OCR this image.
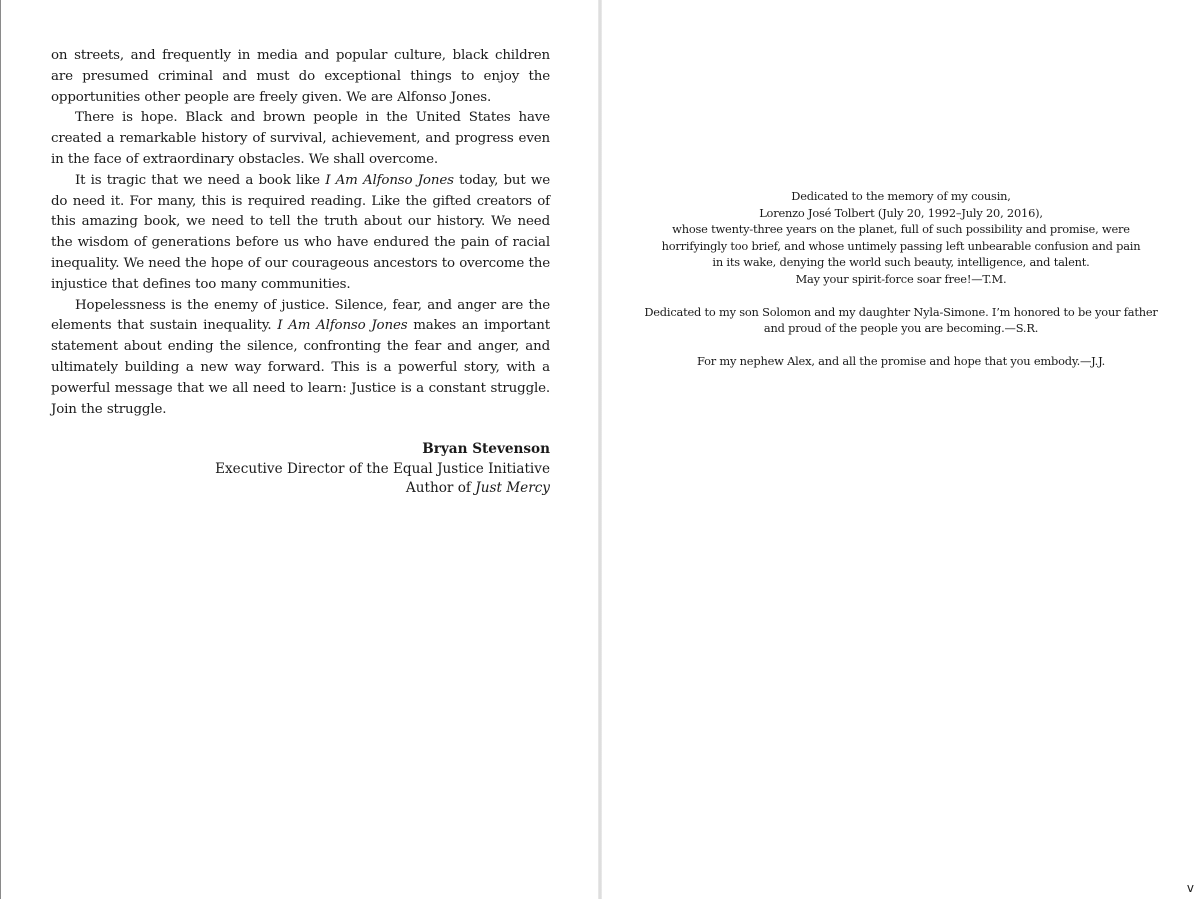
on streets, and frequently in media and popular culture, black children are presumed criminal and must do exceptional things to enjoy the opportunities other people are freely given. We are Alfonso Jones.

There is hope. Black and brown people in the United States have created a remarkable history of survival, achievement, and progress even in the face of extraordinary obstacles. We shall overcome.

It is tragic that we need a book like I Am Alfonso Jones today, but we do need it. For many, this is required reading. Like the gifted creators of this amazing book, we need to tell the truth about our history. We need the wisdom of generations before us who have endured the pain of racial inequality. We need the hope of our courageous ancestors to overcome the injustice that defines too many communities.

Hopelessness is the enemy of justice. Silence, fear, and anger are the elements that sustain inequality. I Am Alfonso Jones makes an important statement about ending the silence, confronting the fear and anger, and ultimately building a new way forward. This is a powerful story, with a powerful message that we all need to learn: Justice is a constant struggle. Join the struggle.

Bryan Stevenson
Executive Director of the Equal Justice Initiative
Author of Just Mercy
Dedicated to the memory of my cousin,
Lorenzo José Tolbert (July 20, 1992–July 20, 2016),
whose twenty-three years on the planet, full of such possibility and promise, were
horrifyingly too brief, and whose untimely passing left unbearable confusion and pain
in its wake, denying the world such beauty, intelligence, and talent.
May your spirit-force soar free!—T.M.
Dedicated to my son Solomon and my daughter Nyla-Simone. I’m honored to be your father
and proud of the people you are becoming.—S.R.
For my nephew Alex, and all the promise and hope that you embody.—J.J.
v
